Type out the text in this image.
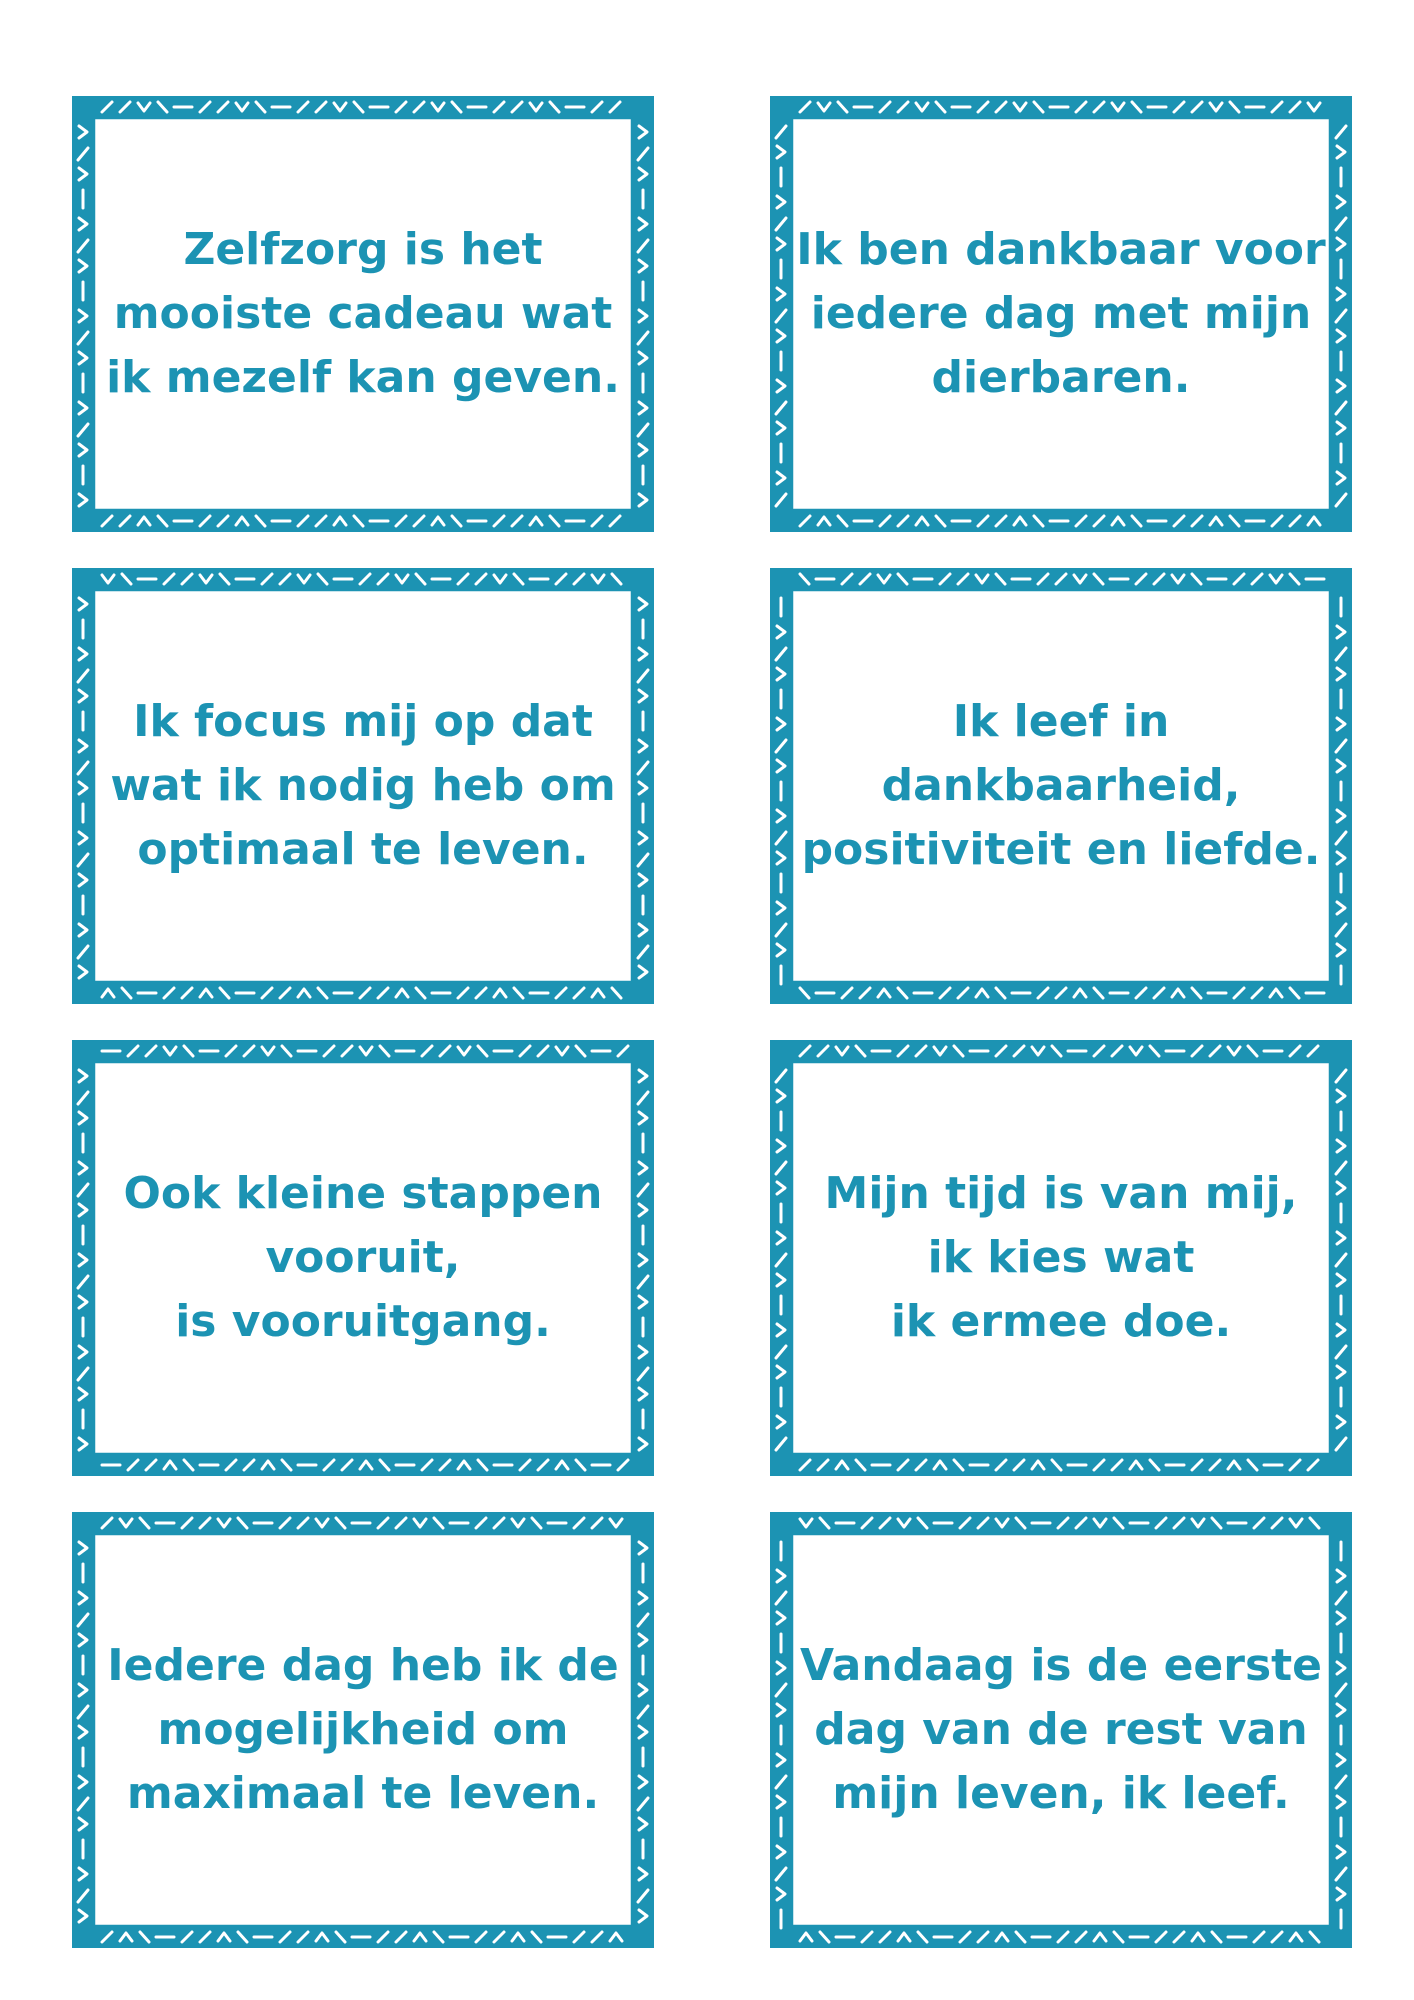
Zelfzorg is het
mooiste cadeau wat
ik mezelf kan geven.
Ik ben dankbaar voor
iedere dag met mijn
dierbaren.
Ik focus mij op dat
wat ik nodig heb om
optimaal te leven.
Ik leef in
dankbaarheid,
positiviteit en liefde.
Ook kleine stappen
vooruit,
is vooruitgang.
Mijn tijd is van mij,
ik kies wat
ik ermee doe.
Iedere dag heb ik de
mogelijkheid om
maximaal te leven.
Vandaag is de eerste
dag van de rest van
mijn leven, ik leef.
